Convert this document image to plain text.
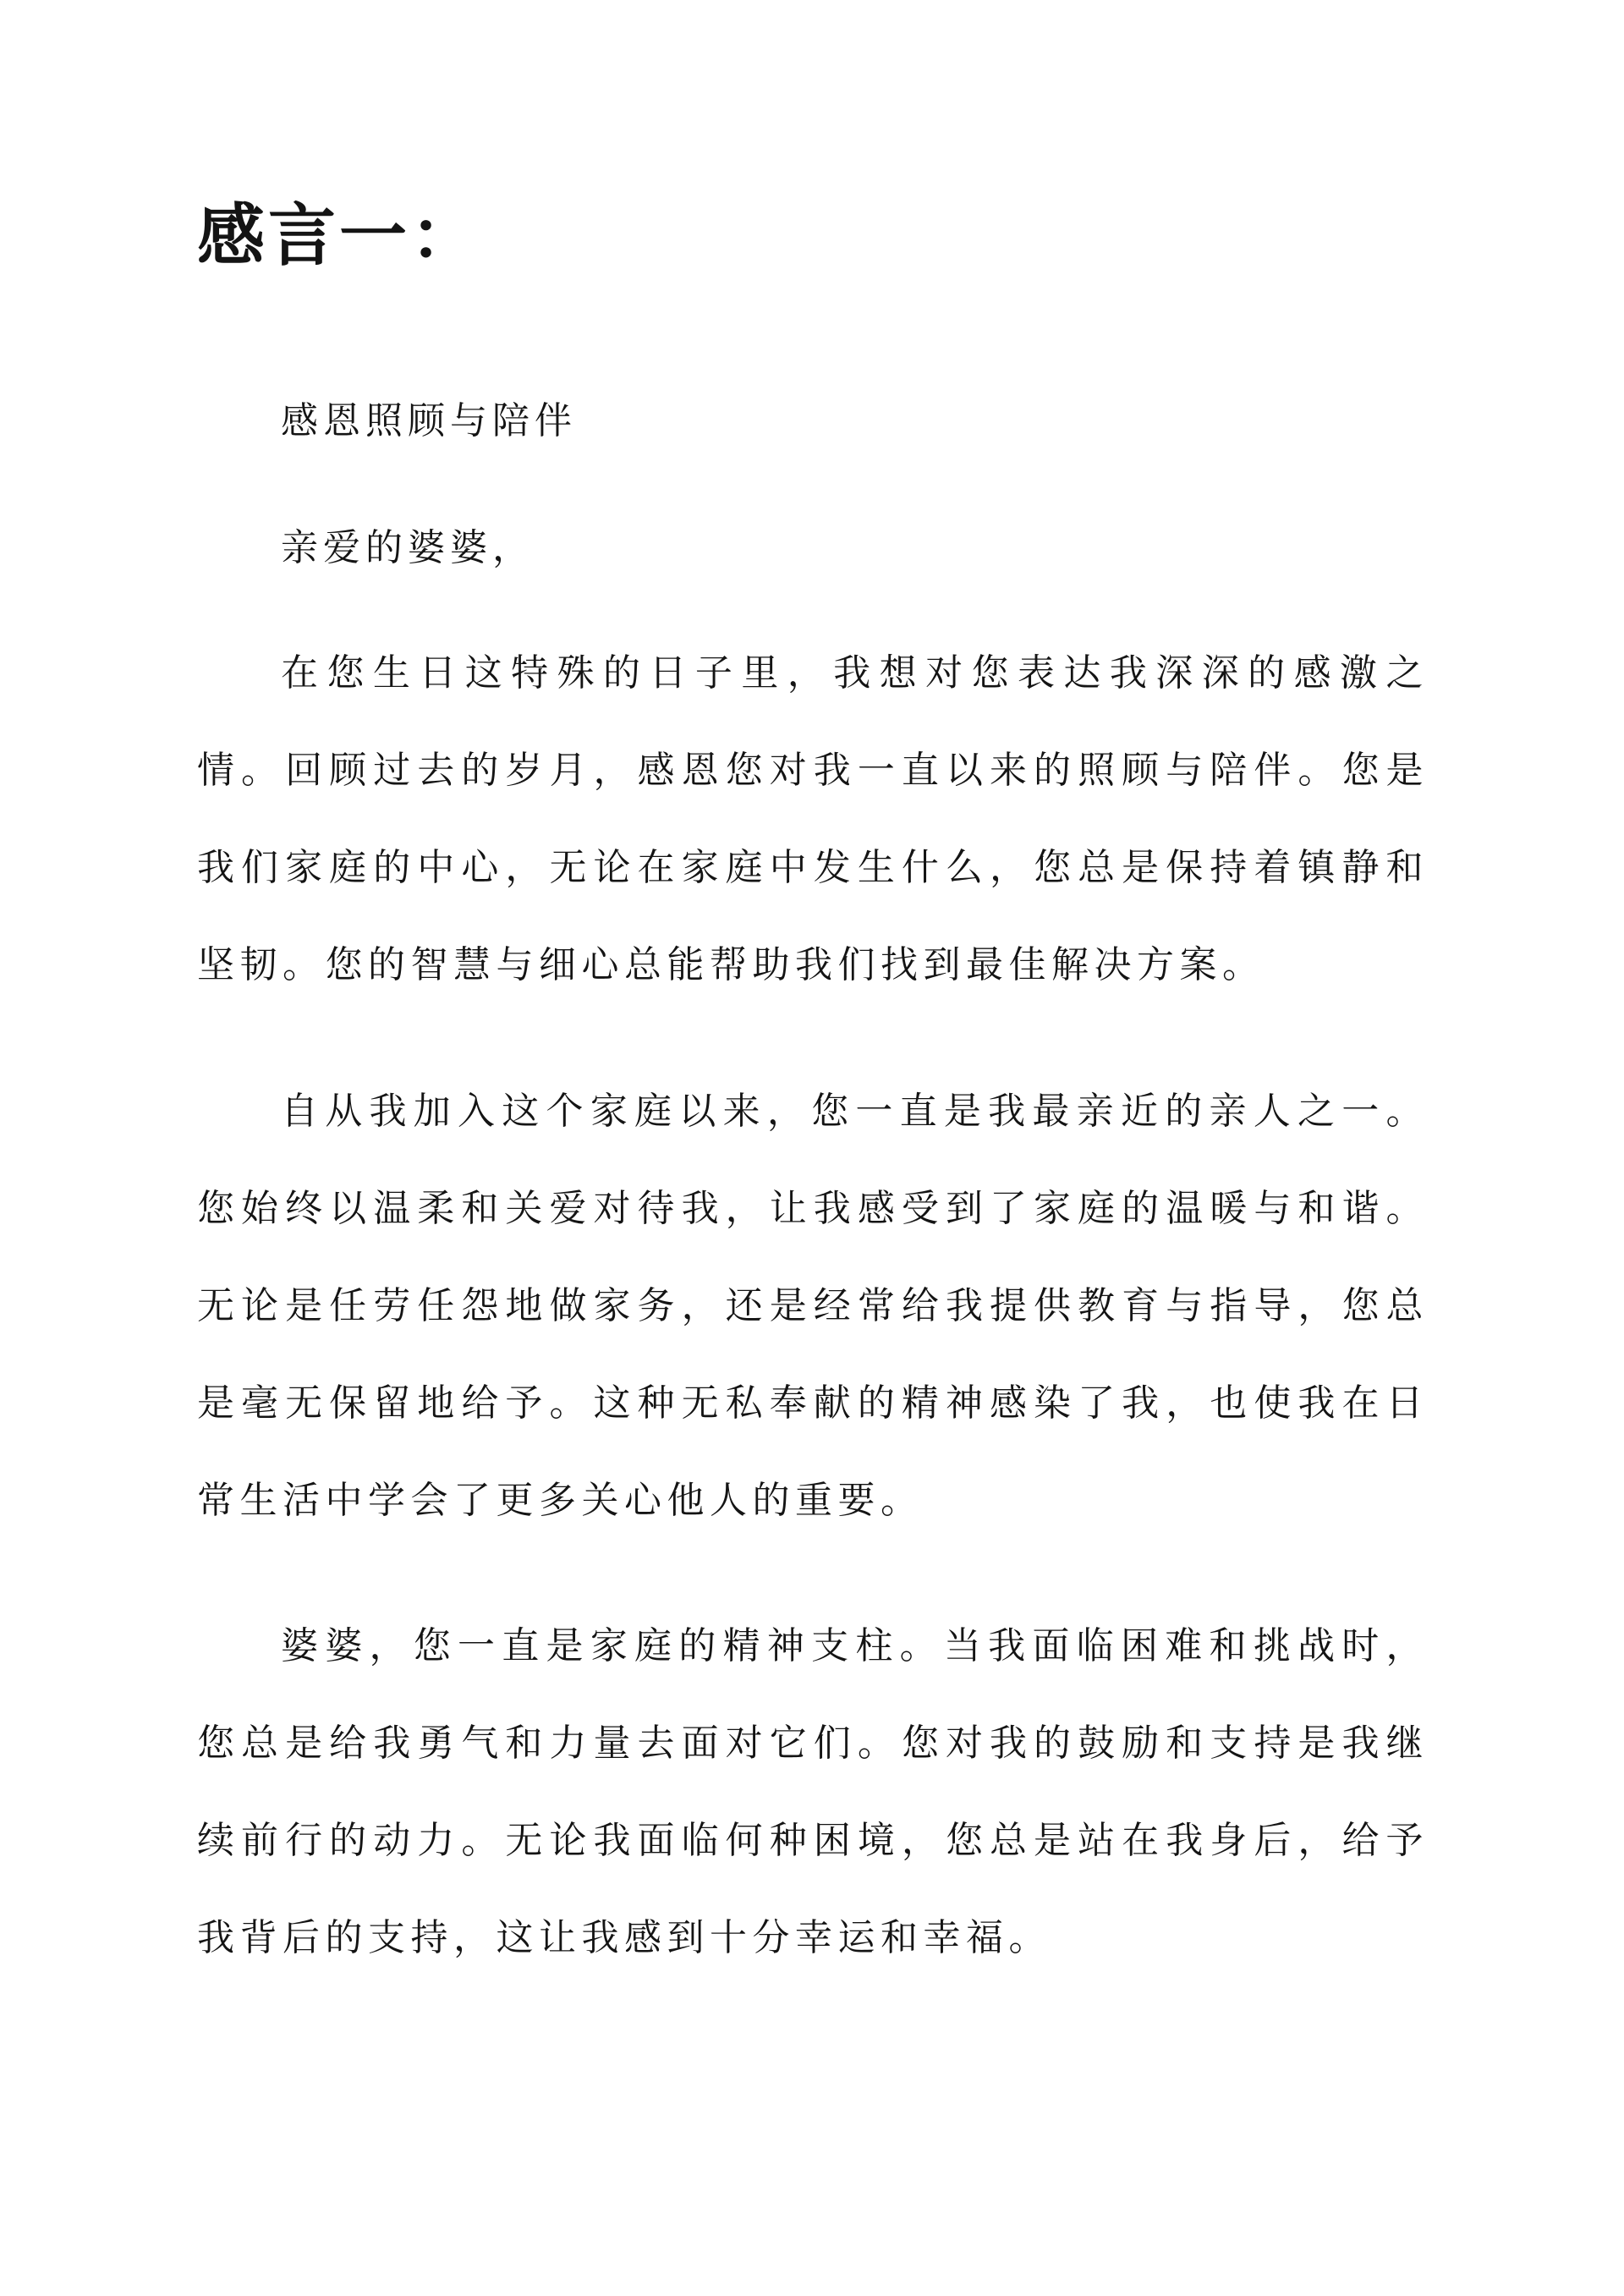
感言一：

感恩照顾与陪伴

亲爱的婆婆，

在您生日这特殊的日子里，我想对您表达我深深的感激之情。回顾过去的岁月，感恩您对我一直以来的照顾与陪伴。您是我们家庭的中心，无论在家庭中发生什么，您总是保持着镇静和坚韧。您的智慧与细心总能帮助我们找到最佳解决方案。

自从我加入这个家庭以来，您一直是我最亲近的亲人之一。您始终以温柔和关爱对待我，让我感受到了家庭的温暖与和谐。无论是任劳任怨地做家务，还是经常给我提供教育与指导，您总是毫无保留地给予。这种无私奉献的精神感染了我，也使我在日常生活中学会了更多关心他人的重要。

婆婆，您一直是家庭的精神支柱。当我面临困难和挑战时，您总是给我勇气和力量去面对它们。您对我的鼓励和支持是我继续前行的动力。无论我面临何种困境，您总是站在我身后，给予我背后的支持，这让我感到十分幸运和幸福。
